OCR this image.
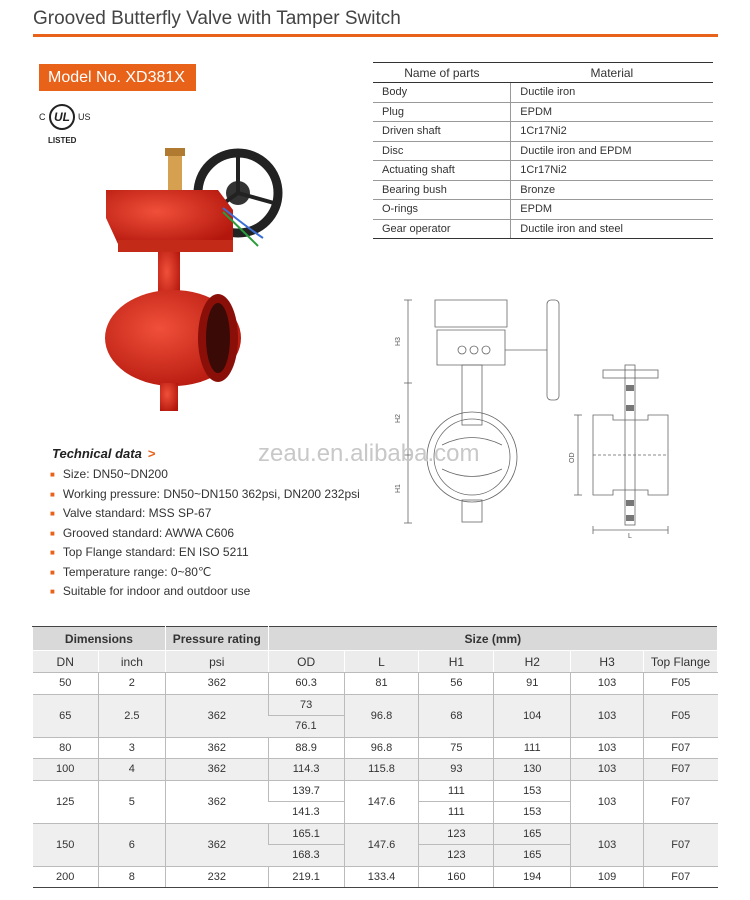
Grooved Butterfly Valve with Tamper Switch
Model No. XD381X
C UL US
LISTED
Name of parts	Material
Body	Ductile iron
Plug	EPDM
Driven shaft	1Cr17Ni2
Disc	Ductile iron and EPDM
Actuating shaft	1Cr17Ni2
Bearing bush	Bronze
O-rings	EPDM
Gear operator	Ductile iron and steel
H3
H2
H1
OD
L
zeau.en.alibaba.com
Technical data >
■ Size: DN50~DN200
■ Working pressure: DN50~DN150 362psi, DN200 232psi
■ Valve standard: MSS SP-67
■ Grooved standard: AWWA C606
■ Top Flange standard: EN ISO 5211
■ Temperature range: 0~80℃
■ Suitable for indoor and outdoor use
Dimensions		Pressure rating	Size (mm)					
DN	inch	psi	OD	L	H1	H2	H3	Top Flange
50	2	362	60.3	81	56	91	103	F05
65	2.5	362	73	96.8	68	104	103	F05
			76.1					
80	3	362	88.9	96.8	75	111	103	F07
100	4	362	114.3	115.8	93	130	103	F07
125	5	362	139.7	147.6	111	153	103	F07
			141.3		111	153		
150	6	362	165.1	147.6	123	165	103	F07
			168.3		123	165		
200	8	232	219.1	133.4	160	194	109	F07
